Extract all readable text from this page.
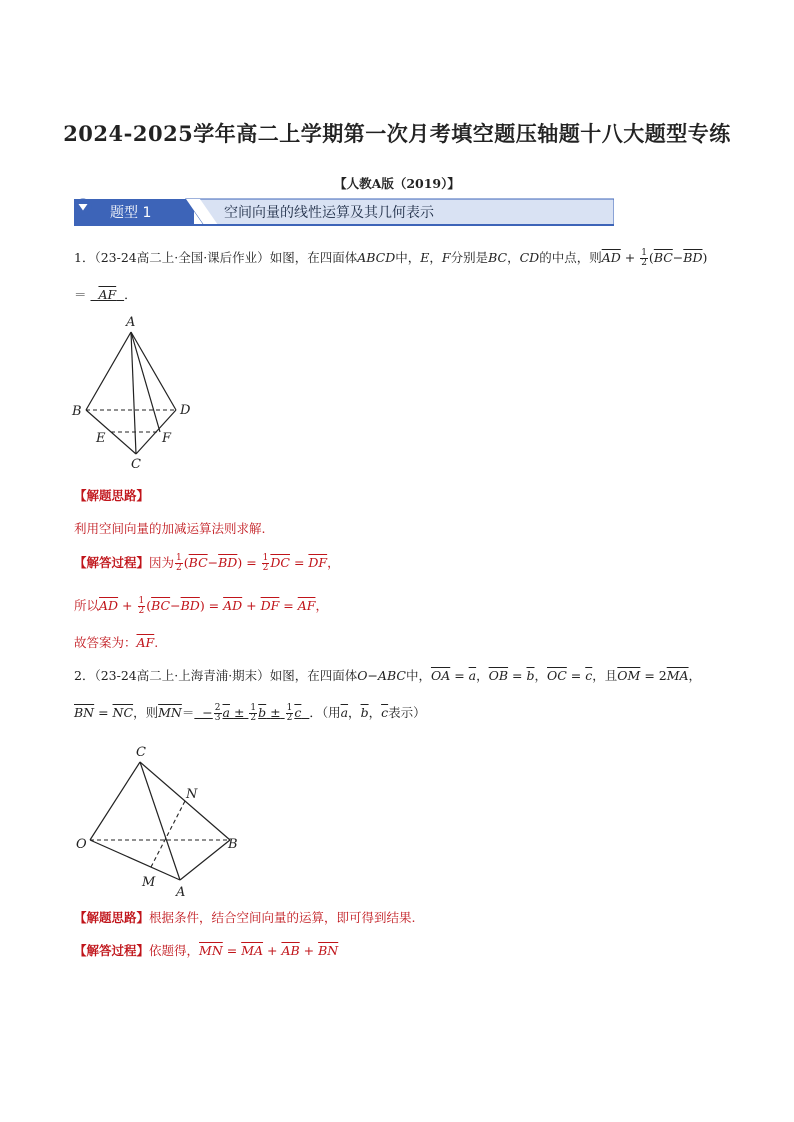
2024-2025学年高二上学期第一次月考填空题压轴题十八大题型专练
【人教A版（2019）】
题型 1	空间向量的线性运算及其几何表示
1．（23-24高二上·全国·课后作业）如图，在四面体ABCD中，E，F分别是BC，CD的中点，则$\overline{AD} + \frac{1}{2} (\overline{BC}-\overline{BD})$
＝ AF ．
A
B	D
E	F
C
【解题思路】
利用空间向量的加减运算法则求解.
【解答过程】因为 $\frac{1}{2} (\overline{BC}-\overline{BD}) = \frac{1}{2} \overline{DC} = \overline{DF}$，
所以$\overline{AD} + \frac{1}{2} (\overline{BC}-\overline{BD}) = \overline{AD} + \overline{DF} = \overline{AF}$，
故答案为：$\overline{AF}$.
2．（23-24高二上·上海青浦·期末）如图，在四面体O−ABC中，$\overline{OA} = \overline{a}$，$\overline{OB} = \overline{b}$，$\overline{OC} = \overline{c}$，且$\overline{OM} = 2\overline{MA}$，
$\overline{BN} = \overline{NC}$，则$\overline{MN}= - \frac{2}{3}$ $a \pm \frac{1}{2}$ $b \pm \frac{1}{2}$ c ．（用$\overline{a}$，$\overline{b}$，$\overline{c}$表示）
C
N
O	B
M
A
【解题思路】根据条件，结合空间向量的运算，即可得到结果.
【解答过程】依题得，$\overline{MN} = \overline{MA} + \overline{AB} + \overline{BN}$
